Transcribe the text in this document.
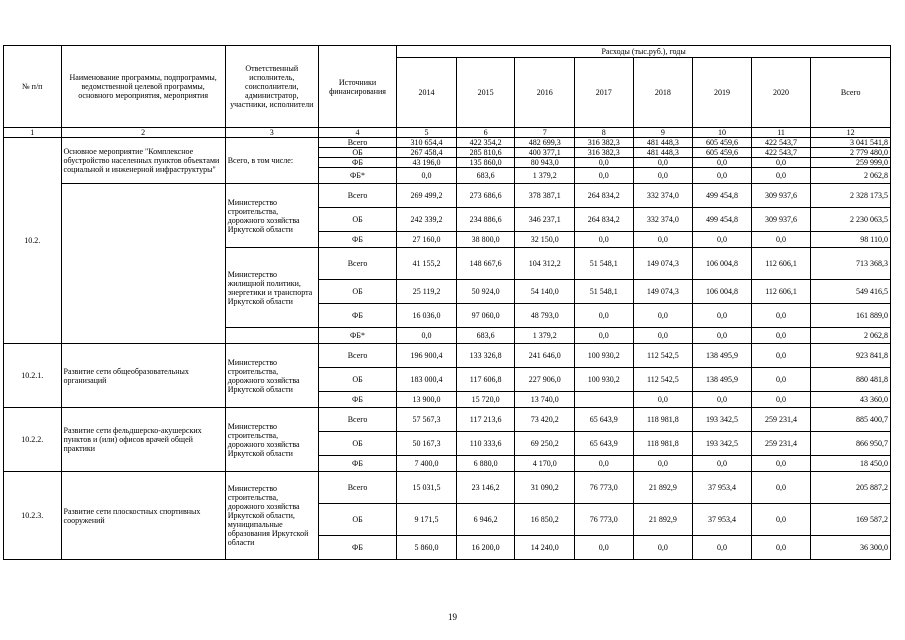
№ п/п	Наименование программы, подпрограммы, ведомственной целевой программы, основного мероприятия, мероприятия	Ответственный исполнитель, соисполнители, администратор, участники, исполнители	Источники финансирования	Расходы (тыс.руб.), годы							
				2014	2015	2016	2017	2018	2019	2020	Всего
1	2	3	4	5	6	7	8	9	10	11	12
10.2.	Основное мероприятие "Комплексное обустройство населенных пунктов объектами социальной и инженерной инфраструктуры"	Всего, в том числе:	Всего	310 654,4	422 354,2	482 699,3	316 382,3	481 448,3	605 459,6	422 543,7	3 041 541,8
			ОБ	267 458,4	285 810,6	400 377,1	316 382,3	481 448,3	605 459,6	422 543,7	2 779 480,0
			ФБ	43 196,0	135 860,0	80 943,0	0,0	0,0	0,0	0,0	259 999,0
			ФБ*	0,0	683,6	1 379,2	0,0	0,0	0,0	0,0	2 062,8
		Министерство строительства, дорожного хозяйства Иркутской области	Всего	269 499,2	273 686,6	378 387,1	264 834,2	332 374,0	499 454,8	309 937,6	2 328 173,5
			ОБ	242 339,2	234 886,6	346 237,1	264 834,2	332 374,0	499 454,8	309 937,6	2 230 063,5
			ФБ	27 160,0	38 800,0	32 150,0	0,0	0,0	0,0	0,0	98 110,0
		Министерство жилищной политики, энергетики и транспорта Иркутской области	Всего	41 155,2	148 667,6	104 312,2	51 548,1	149 074,3	106 004,8	112 606,1	713 368,3
			ОБ	25 119,2	50 924,0	54 140,0	51 548,1	149 074,3	106 004,8	112 606,1	549 416,5
			ФБ	16 036,0	97 060,0	48 793,0	0,0	0,0	0,0	0,0	161 889,0
			ФБ*	0,0	683,6	1 379,2	0,0	0,0	0,0	0,0	2 062,8
10.2.1.	Развитие сети общеобразовательных организаций	Министерство строительства, дорожного хозяйства Иркутской области	Всего	196 900,4	133 326,8	241 646,0	100 930,2	112 542,5	138 495,9	0,0	923 841,8
			ОБ	183 000,4	117 606,8	227 906,0	100 930,2	112 542,5	138 495,9	0,0	880 481,8
			ФБ	13 900,0	15 720,0	13 740,0		0,0	0,0	0,0	43 360,0
10.2.2.	Развитие сети фельдшерско-акушерских пунктов и (или) офисов врачей общей практики	Министерство строительства, дорожного хозяйства Иркутской области	Всего	57 567,3	117 213,6	73 420,2	65 643,9	118 981,8	193 342,5	259 231,4	885 400,7
			ОБ	50 167,3	110 333,6	69 250,2	65 643,9	118 981,8	193 342,5	259 231,4	866 950,7
			ФБ	7 400,0	6 880,0	4 170,0	0,0	0,0	0,0	0,0	18 450,0
10.2.3.	Развитие сети плоскостных спортивных сооружений	Министерство строительства, дорожного хозяйства Иркутской области, муниципальные образования Иркутской области	Всего	15 031,5	23 146,2	31 090,2	76 773,0	21 892,9	37 953,4	0,0	205 887,2
			ОБ	9 171,5	6 946,2	16 850,2	76 773,0	21 892,9	37 953,4	0,0	169 587,2
			ФБ	5 860,0	16 200,0	14 240,0	0,0	0,0	0,0	0,0	36 300,0
19
